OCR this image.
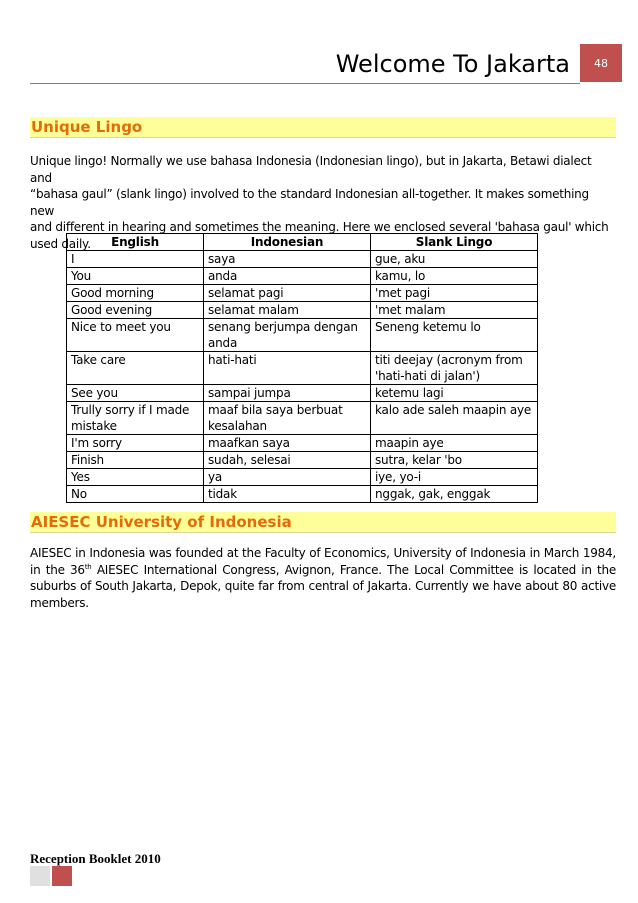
Welcome To Jakarta	48
Unique Lingo
Unique lingo! Normally we use bahasa Indonesia (Indonesian lingo), but in Jakarta, Betawi dialect and
“bahasa gaul” (slank lingo) involved to the standard Indonesian all-together. It makes something new
and different in hearing and sometimes the meaning. Here we enclosed several 'bahasa gaul' which
used daily.	English	Indonesian	Slank Lingo
I	saya	gue, aku
You	anda	kamu, lo
Good morning	selamat pagi	'met pagi
Good evening	selamat malam	'met malam
Nice to meet you	senang berjumpa dengan anda	Seneng ketemu lo
Take care	hati-hati	titi deejay (acronym from 'hati-hati di jalan')
See you	sampai jumpa	ketemu lagi
Trully sorry if I made mistake	maaf bila saya berbuat kesalahan	kalo ade saleh maapin aye
I'm sorry	maafkan saya	maapin aye
Finish	sudah, selesai	sutra, kelar 'bo
Yes	ya	iye, yo-i
No	tidak	nggak, gak, enggak
AIESEC University of Indonesia
AIESEC in Indonesia was founded at the Faculty of Economics, University of Indonesia in March 1984, in the 36th AIESEC International Congress, Avignon, France. The Local Committee is located in the suburbs of South Jakarta, Depok, quite far from central of Jakarta. Currently we have about 80 active members.
Reception Booklet 2010
